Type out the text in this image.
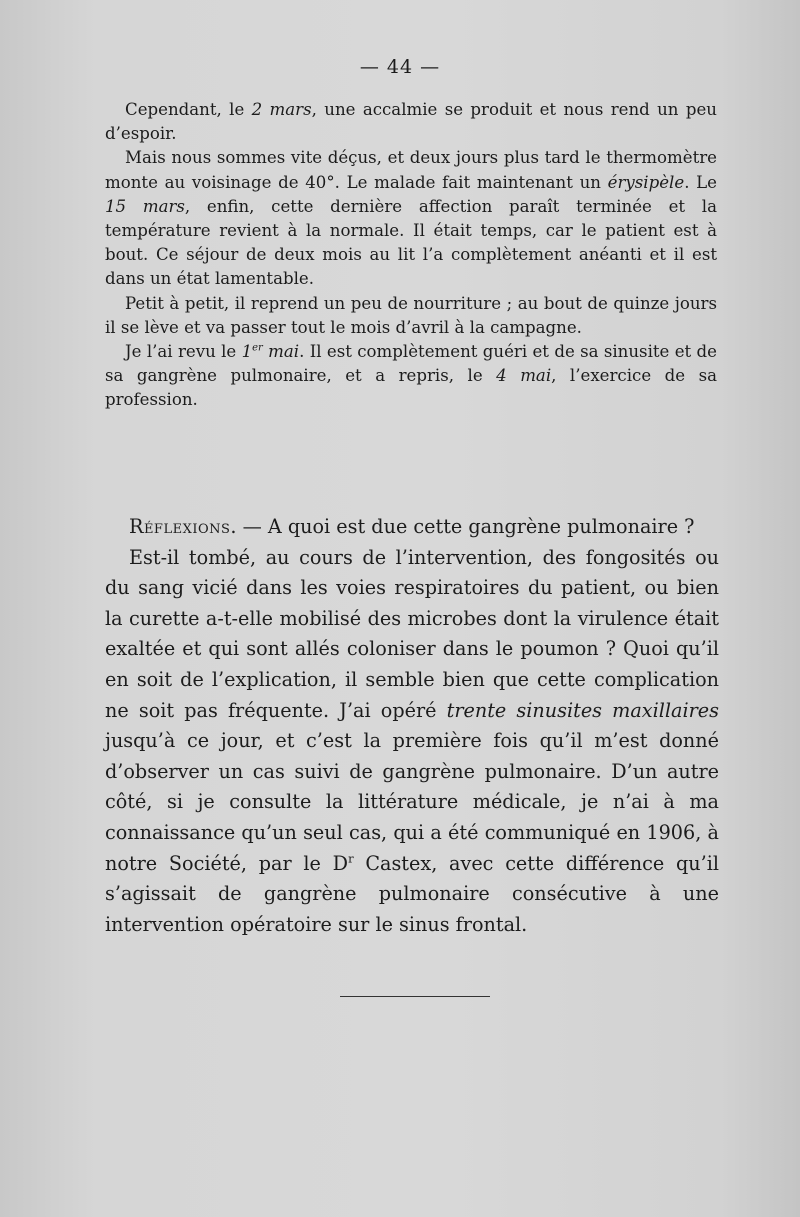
— 44 —

Cependant, le 2 mars, une accalmie se produit et nous rend un peu d’espoir.

Mais nous sommes vite déçus, et deux jours plus tard le thermomètre monte au voisinage de 40°. Le malade fait maintenant un érysipèle. Le 15 mars, enfin, cette dernière affection paraît terminée et la température revient à la normale. Il était temps, car le patient est à bout. Ce séjour de deux mois au lit l’a complètement anéanti et il est dans un état lamentable.

Petit à petit, il reprend un peu de nourriture ; au bout de quinze jours il se lève et va passer tout le mois d’avril à la campagne.

Je l’ai revu le 1er mai. Il est complètement guéri et de sa sinusite et de sa gangrène pulmonaire, et a repris, le 4 mai, l’exercice de sa profession.

Réflexions. — A quoi est due cette gangrène pulmonaire ?

Est-il tombé, au cours de l’intervention, des fongosités ou du sang vicié dans les voies respiratoires du patient, ou bien la curette a-t-elle mobilisé des microbes dont la virulence était exaltée et qui sont allés coloniser dans le poumon ? Quoi qu’il en soit de l’explication, il semble bien que cette complication ne soit pas fréquente. J’ai opéré trente sinusites maxillaires jusqu’à ce jour, et c’est la première fois qu’il m’est donné d’observer un cas suivi de gangrène pulmonaire. D’un autre côté, si je consulte la littérature médicale, je n’ai à ma connaissance qu’un seul cas, qui a été communiqué en 1906, à notre Société, par le $D^r$ Castex, avec cette différence qu’il s’agissait de gangrène pulmonaire consécutive à une intervention opératoire sur le sinus frontal.
